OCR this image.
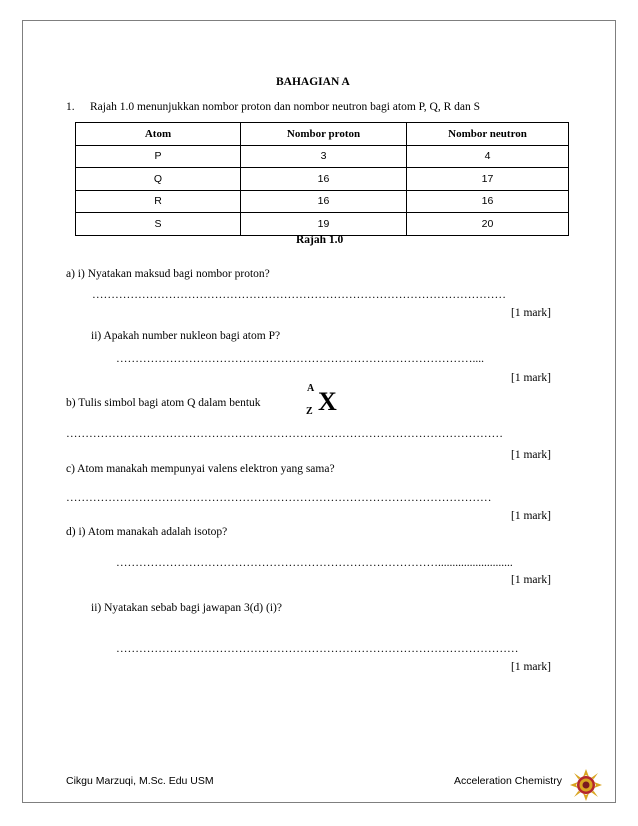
BAHAGIAN A
1. Rajah 1.0 menunjukkan nombor proton dan nombor neutron bagi atom P, Q, R dan S
Atom	Nombor proton	Nombor neutron
P	3	4
Q	16	17
R	16	16
S	19	20
Rajah 1.0
a) i) Nyatakan maksud bagi nombor proton?
………………………………………………………………………………………………
[1 mark]
ii) Apakah number nukleon bagi atom P?
…………………………………………………………………………………....
[1 mark]
b) Tulis simbol bagi atom Q dalam bentuk
A
Z X
……………………………………………………………………………………………………
[1 mark]
c) Atom manakah mempunyai valens elektron yang sama?
…………………………………………………………………………………………………
[1 mark]
d) i) Atom manakah adalah isotop?
…………………………………………………………………………..........................
[1 mark]
ii) Nyatakan sebab bagi jawapan 3(d) (i)?
……………………………………………………………………………………………
[1 mark]
Cikgu Marzuqi, M.Sc. Edu USM	Acceleration Chemistry
